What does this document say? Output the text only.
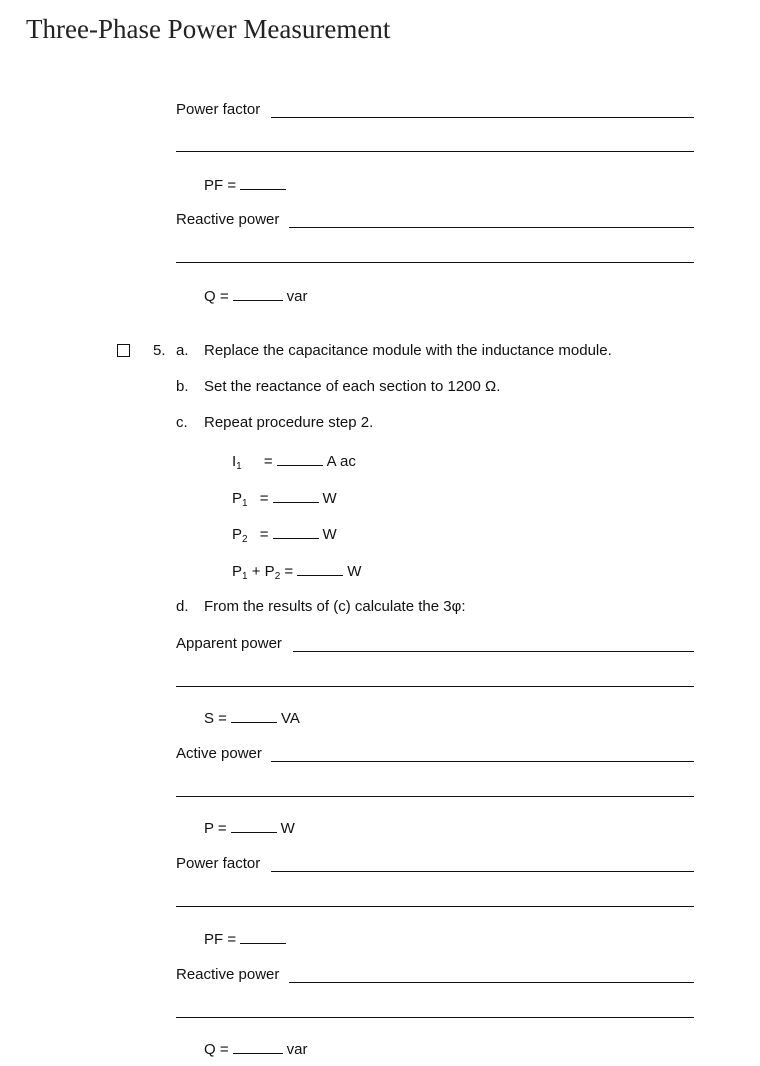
Three-Phase Power Measurement
Power factor
PF =
Reactive power
Q =	var
5. a. Replace the capacitance module with the inductance module.
b. Set the reactance of each section to 1200 Ω.
c. Repeat procedure step 2.
$I_1$ =	A ac
$P_1$ =	W
$P_2$ =	W
$P_1 + P_2$ =	W
d. From the results of (c) calculate the 3φ:
Apparent power
S =	VA
Active power
P =	W
Power factor
PF =
Reactive power
Q =	var
